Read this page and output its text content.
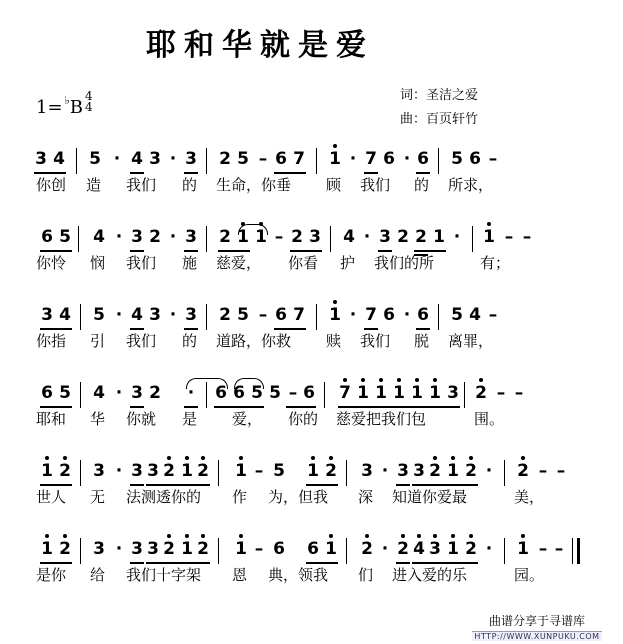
耶和华就是爱
1= ♭B
4
4
词：圣洁之爱
曲：百页轩竹
3 4 5 · 4 3 · 3 2 5 – 6 7 1 · 7 6 · 6 5 6 –
你创 造 我们 的 生命，你垂 顾 我们 的 所求，
6 5 4 · 3 2 · 3 2 1 1 – 2 3 4 · 3 2 2 1 · 1 – –
你怜 悯 我们 施 慈爱， 你看 护 我们的所	有；
3 4 5 · 4 3 · 3 2 5 – 6 7 1 · 7 6 · 6 5 4 –
你指 引 我们 的 道路，你救 赎 我们 脱 离罪，
6 5 4 · 3 2 · 6 6 5 5 – 6 7 1 1 1 1 1 3 2 – –
耶和 华 你就 是 爱， 你的 慈爱把我们包	围。
1 2 3 · 3 3 2 1 2 1 – 5 1 2 3 · 3 3 2 1 2 · 2 – –
世人 无 法测透你的 作 为，但我 深 知道你爱最	美，
1 2 3 · 3 3 2 1 2 1 – 6 6 1 2 · 2 4 3 1 2 · 1 – –
是你 给 我们十字架 恩 典，领我 们 进入爱的乐	园。
曲谱分享于寻谱库
HTTP://WWW.XUNPUKU.COM
